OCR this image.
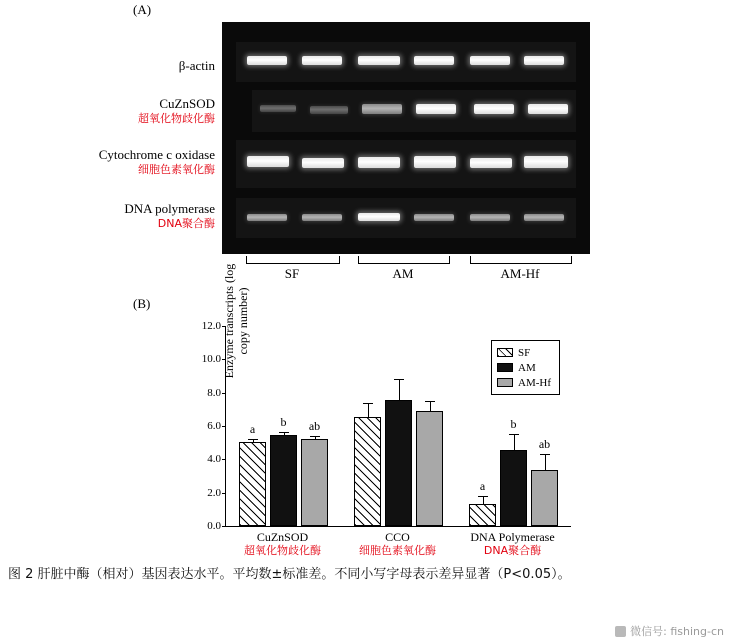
(A)
β-actin
CuZnSOD
超氧化物歧化酶
Cytochrome c oxidase
细胞色素氧化酶
DNA polymerase
DNA聚合酶
SF	AM	AM-Hf
(B)	Enzyme transcripts (log copy number)
0.0
2.0
4.0
6.0
8.0
10.0
12.0
a
b ab
a
b
ab
SF
AM
AM-Hf
CuZnSOD
超氧化物歧化酶
CCO
细胞色素氧化酶
DNA Polymerase
DNA聚合酶
图 2 肝脏中酶（相对）基因表达水平。平均数±标准差。不同小写字母表示差异显著（P<0.05）。
微信号: fishing-cn
